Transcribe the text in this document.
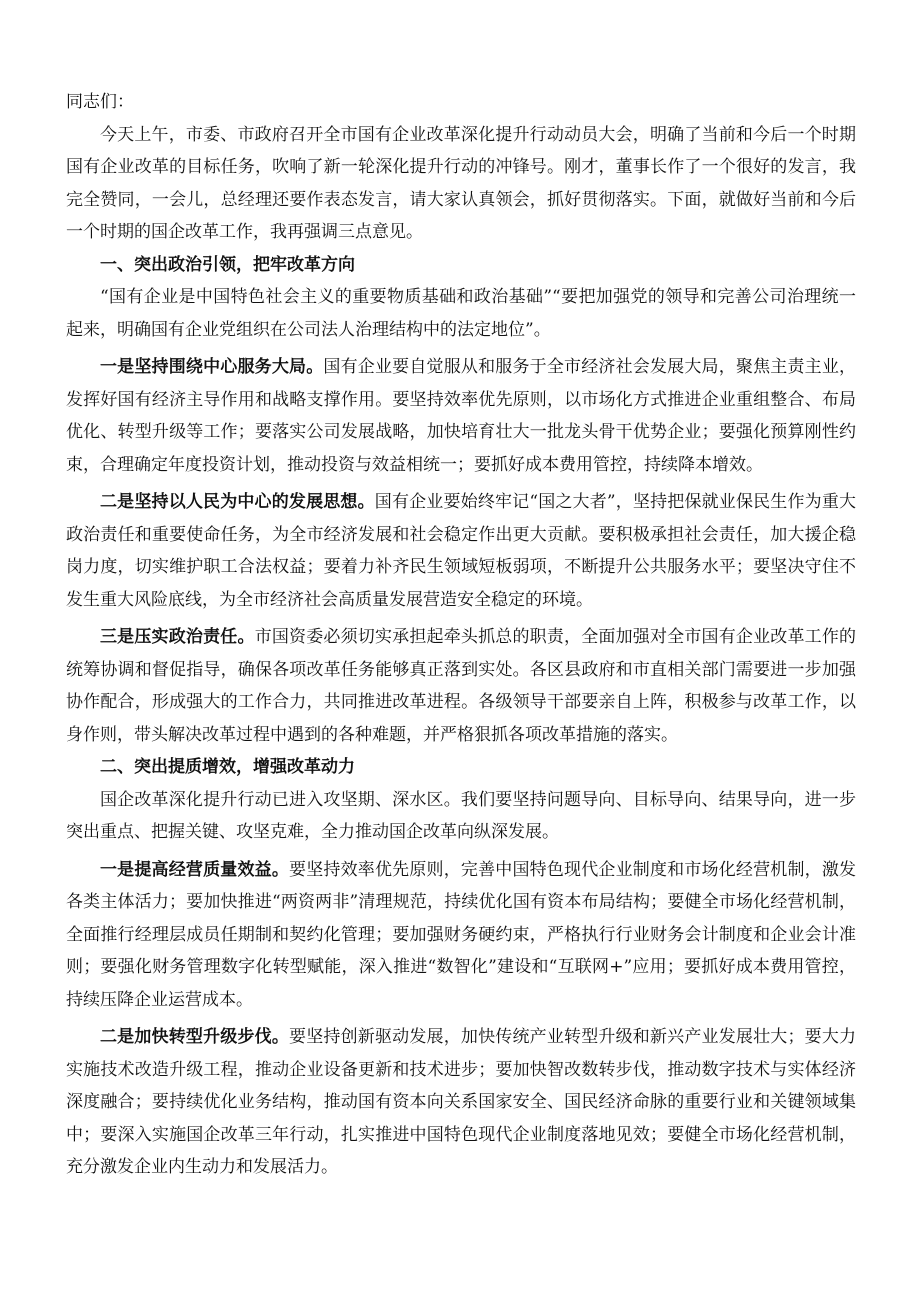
同志们：

今天上午，市委、市政府召开全市国有企业改革深化提升行动动员大会，明确了当前和今后一个时期国有企业改革的目标任务，吹响了新一轮深化提升行动的冲锋号。刚才，董事长作了一个很好的发言，我完全赞同，一会儿，总经理还要作表态发言，请大家认真领会，抓好贯彻落实。下面，就做好当前和今后一个时期的国企改革工作，我再强调三点意见。

一、突出政治引领，把牢改革方向

“国有企业是中国特色社会主义的重要物质基础和政治基础”“要把加强党的领导和完善公司治理统一起来，明确国有企业党组织在公司法人治理结构中的法定地位”。

一是坚持围绕中心服务大局。国有企业要自觉服从和服务于全市经济社会发展大局，聚焦主责主业，发挥好国有经济主导作用和战略支撑作用。要坚持效率优先原则，以市场化方式推进企业重组整合、布局优化、转型升级等工作；要落实公司发展战略，加快培育壮大一批龙头骨干优势企业；要强化预算刚性约束，合理确定年度投资计划，推动投资与效益相统一；要抓好成本费用管控，持续降本增效。

二是坚持以人民为中心的发展思想。国有企业要始终牢记“国之大者”，坚持把保就业保民生作为重大政治责任和重要使命任务，为全市经济发展和社会稳定作出更大贡献。要积极承担社会责任，加大援企稳岗力度，切实维护职工合法权益；要着力补齐民生领域短板弱项，不断提升公共服务水平；要坚决守住不发生重大风险底线，为全市经济社会高质量发展营造安全稳定的环境。

三是压实政治责任。市国资委必须切实承担起牵头抓总的职责，全面加强对全市国有企业改革工作的统筹协调和督促指导，确保各项改革任务能够真正落到实处。各区县政府和市直相关部门需要进一步加强协作配合，形成强大的工作合力，共同推进改革进程。各级领导干部要亲自上阵，积极参与改革工作，以身作则，带头解决改革过程中遇到的各种难题，并严格狠抓各项改革措施的落实。

二、突出提质增效，增强改革动力

国企改革深化提升行动已进入攻坚期、深水区。我们要坚持问题导向、目标导向、结果导向，进一步突出重点、把握关键、攻坚克难，全力推动国企改革向纵深发展。

一是提高经营质量效益。要坚持效率优先原则，完善中国特色现代企业制度和市场化经营机制，激发各类主体活力；要加快推进“两资两非”清理规范，持续优化国有资本布局结构；要健全市场化经营机制，全面推行经理层成员任期制和契约化管理；要加强财务硬约束，严格执行行业财务会计制度和企业会计准则；要强化财务管理数字化转型赋能，深入推进“数智化”建设和“互联网+”应用；要抓好成本费用管控，持续压降企业运营成本。

二是加快转型升级步伐。要坚持创新驱动发展，加快传统产业转型升级和新兴产业发展壮大；要大力实施技术改造升级工程，推动企业设备更新和技术进步；要加快智改数转步伐，推动数字技术与实体经济深度融合；要持续优化业务结构，推动国有资本向关系国家安全、国民经济命脉的重要行业和关键领域集中；要深入实施国企改革三年行动，扎实推进中国特色现代企业制度落地见效；要健全市场化经营机制，充分激发企业内生动力和发展活力。
